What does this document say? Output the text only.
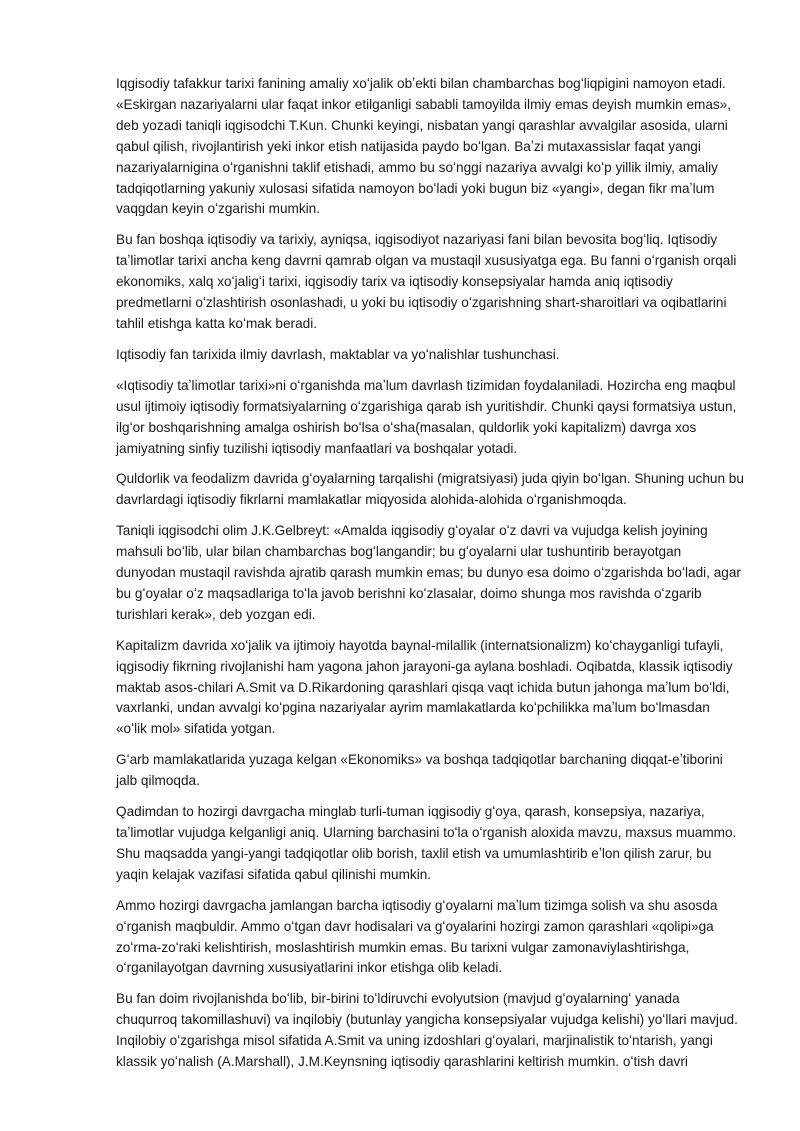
Iqgisodiy tafakkur tarixi fanining amaliy xoʻjalik obʼekti bilan chambarchas bogʻliqpigini namoyon etadi. «Eskirgan nazariyalarni ular faqat inkor etilganligi sababli tamoyilda ilmiy emas deyish mumkin emas», deb yozadi taniqli iqgisodchi T.Kun. Chunki keyingi, nisbatan yangi qarashlar avvalgilar asosida, ularni qabul qilish, rivojlantirish yeki inkor etish natijasida paydo boʻlgan. Baʼzi mutaxassislar faqat yangi nazariyalarnigina oʻrganishni taklif etishadi, ammo bu soʻnggi nazariya avvalgi koʻp yillik ilmiy, amaliy tadqiqotlarning yakuniy xulosasi sifatida namoyon boʻladi yoki bugun biz «yangi», degan fikr maʼlum vaqgdan keyin oʻzgarishi mumkin.

Bu fan boshqa iqtisodiy va tarixiy, ayniqsa, iqgisodiyot nazariyasi fani bilan bevosita bogʻliq. Iqtisodiy taʼlimotlar tarixi ancha keng davrni qamrab olgan va mustaqil xususiyatga ega. Bu fanni oʻrganish orqali ekonomiks, xalq xoʻjaligʻi tarixi, iqgisodiy tarix va iqtisodiy konsepsiyalar hamda aniq iqtisodiy predmetlarni oʻzlashtirish osonlashadi, u yoki bu iqtisodiy oʻzgarishning shart-sharoitlari va oqibatlarini tahlil etishga katta koʻmak beradi.

Iqtisodiy fan tarixida ilmiy davrlash, maktablar va yoʻnalishlar tushunchasi.

«Iqtisodiy taʼlimotlar tarixi»ni oʻrganishda maʼlum davrlash tizimidan foydalaniladi. Hozircha eng maqbul usul ijtimoiy iqtisodiy formatsiyalarning oʻzgarishiga qarab ish yuritishdir. Chunki qaysi formatsiya ustun, ilgʻor boshqarishning amalga oshirish boʻlsa oʻsha(masalan, quldorlik yoki kapitalizm) davrga xos jamiyatning sinfiy tuzilishi iqtisodiy manfaatlari va boshqalar yotadi.

Quldorlik va feodalizm davrida gʻoyalarning tarqalishi (migratsiyasi) juda qiyin boʻlgan. Shuning uchun bu davrlardagi iqtisodiy fikrlarni mamlakatlar miqyosida alohida-alohida oʻrganishmoqda.

Taniqli iqgisodchi olim J.K.Gelbreyt: «Amalda iqgisodiy gʻoyalar oʻz davri va vujudga kelish joyining mahsuli boʻlib, ular bilan chambarchas bogʻlangandir; bu gʻoyalarni ular tushuntirib berayotgan dunyodan mustaqil ravishda ajratib qarash mumkin emas; bu dunyo esa doimo oʻzgarishda boʻladi, agar bu gʻoyalar oʻz maqsadlariga toʻla javob berishni koʻzlasalar, doimo shunga mos ravishda oʻzgarib turishlari kerak», deb yozgan edi.

Kapitalizm davrida xoʻjalik va ijtimoiy hayotda baynal-milallik (internatsionalizm) koʻchayganligi tufayli, iqgisodiy fikrning rivojlanishi ham yagona jahon jarayoni-ga aylana boshladi. Oqibatda, klassik iqtisodiy maktab asos-chilari A.Smit va D.Rikardoning qarashlari qisqa vaqt ichida butun jahonga maʼlum boʻldi, vaxrlanki, undan avvalgi koʻpgina nazariyalar ayrim mamlakatlarda koʻpchilikka maʼlum boʻlmasdan «oʻlik mol» sifatida yotgan.

Gʻarb mamlakatlarida yuzaga kelgan «Ekonomiks» va boshqa tadqiqotlar barchaning diqqat-eʼtiborini jalb qilmoqda.

Qadimdan to hozirgi davrgacha minglab turli-tuman iqgisodiy gʻoya, qarash, konsepsiya, nazariya, taʼlimotlar vujudga kelganligi aniq. Ularning barchasini toʻla oʻrganish aloxida mavzu, maxsus muammo. Shu maqsadda yangi-yangi tadqiqotlar olib borish, taxlil etish va umumlashtirib eʼlon qilish zarur, bu yaqin kelajak vazifasi sifatida qabul qilinishi mumkin.

Ammo hozirgi davrgacha jamlangan barcha iqtisodiy gʻoyalarni maʼlum tizimga solish va shu asosda oʻrganish maqbuldir. Ammo oʻtgan davr hodisalari va gʻoyalarini hozirgi zamon qarashlari «qolipi»ga zoʻrma-zoʻraki kelishtirish, moslashtirish mumkin emas. Bu tarixni vulgar zamonaviylashtirishga, oʻrganilayotgan davrning xususiyatlarini inkor etishga olib keladi.

Bu fan doim rivojlanishda boʻlib, bir-birini toʻldiruvchi evolyutsion (mavjud gʻoyalarningʻ yanada chuqurroq takomillashuvi) va inqilobiy (butunlay yangicha konsepsiyalar vujudga kelishi) yoʻllari mavjud. Inqilobiy oʻzgarishga misol sifatida A.Smit va uning izdoshlari gʻoyalari, marjinalistik toʻntarish, yangi klassik yoʻnalish (A.Marshall), J.M.Keynsning iqtisodiy qarashlarini keltirish mumkin. oʻtish davri
